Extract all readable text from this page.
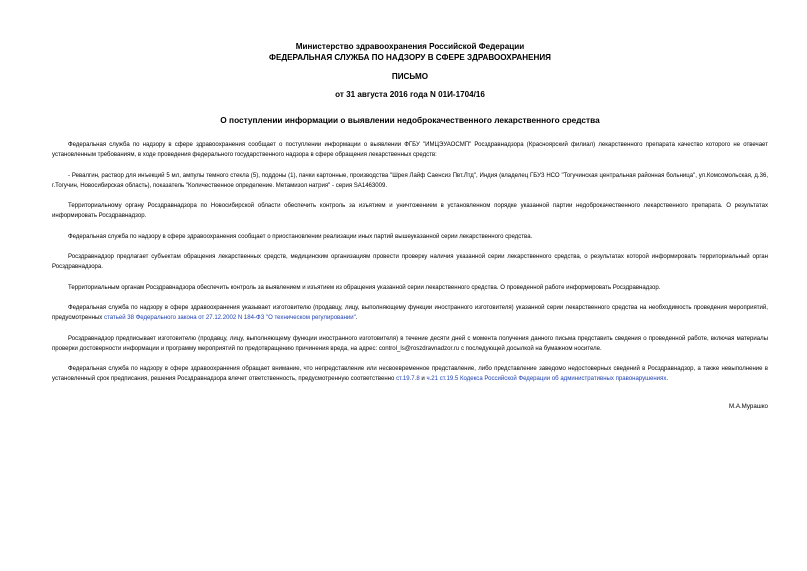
Министерство здравоохранения Российской Федерации
ФЕДЕРАЛЬНАЯ СЛУЖБА ПО НАДЗОРУ В СФЕРЕ ЗДРАВООХРАНЕНИЯ
ПИСЬМО
от 31 августа 2016 года N 01И-1704/16
О поступлении информации о выявлении недоброкачественного лекарственного средства

Федеральная служба по надзору в сфере здравоохранения сообщает о поступлении информации о выявлении ФГБУ "ИМЦЭУАОСМП" Росздравнадзора (Красноярский филиал) лекарственного препарата качество которого не отвечает установленным требованиям, в ходе проведения федерального государственного надзора в сфере обращения лекарственных средств:

- Ревалгин, раствор для инъекций 5 мл, ампулы темного стекла (5), поддоны (1), пачки картонные, производства "Шрея Лайф Саенсиз Пвт.Лтд", Индия (владелец ГБУЗ НСО "Тогучинская центральная районная больница", ул.Комсомольская, д.36, г.Тогучин, Новосибирская область), показатель "Количественное определение. Метамизол натрия" - серия SA1463009.

Территориальному органу Росздравнадзора по Новосибирской области обеспечить контроль за изъятием и уничтожением в установленном порядке указанной партии недоброкачественного лекарственного препарата. О результатах информировать Росздравнадзор.

Федеральная служба по надзору в сфере здравоохранения сообщает о приостановлении реализации иных партий вышеуказанной серии лекарственного средства.

Росздравнадзор предлагает субъектам обращения лекарственных средств, медицинским организациям провести проверку наличия указанной серии лекарственного средства, о результатах которой информировать территориальный орган Росздравнадзора.

Территориальным органам Росздравнадзора обеспечить контроль за выявлением и изъятием из обращения указанной серии лекарственного средства. О проведенной работе информировать Росздравнадзор.

Федеральная служба по надзору в сфере здравоохранения указывает изготовителю (продавцу, лицу, выполняющему функции иностранного изготовителя) указанной серии лекарственного средства на необходимость проведения мероприятий, предусмотренных статьей 38 Федерального закона от 27.12.2002 N 184-ФЗ "О техническом регулировании".

Росздравнадзор предписывает изготовителю (продавцу, лицу, выполняющему функции иностранного изготовителя) в течение десяти дней с момента получения данного письма представить сведения о проведенной работе, включая материалы проверки достоверности информации и программу мероприятий по предотвращению причинения вреда, на адрес: control_ls@roszdravnadzor.ru с последующей досылкой на бумажном носителе.

Федеральная служба по надзору в сфере здравоохранения обращает внимание, что непредставление или несвоевременное представление, либо представление заведомо недостоверных сведений в Росздравнадзор, а также невыполнение в установленный срок предписания, решения Росздравнадзора влечет ответственность, предусмотренную соответственно ст.19.7.8 и ч.21 ст.19.5 Кодекса Российской Федерации об административных правонарушениях.

М.А.Мурашко
